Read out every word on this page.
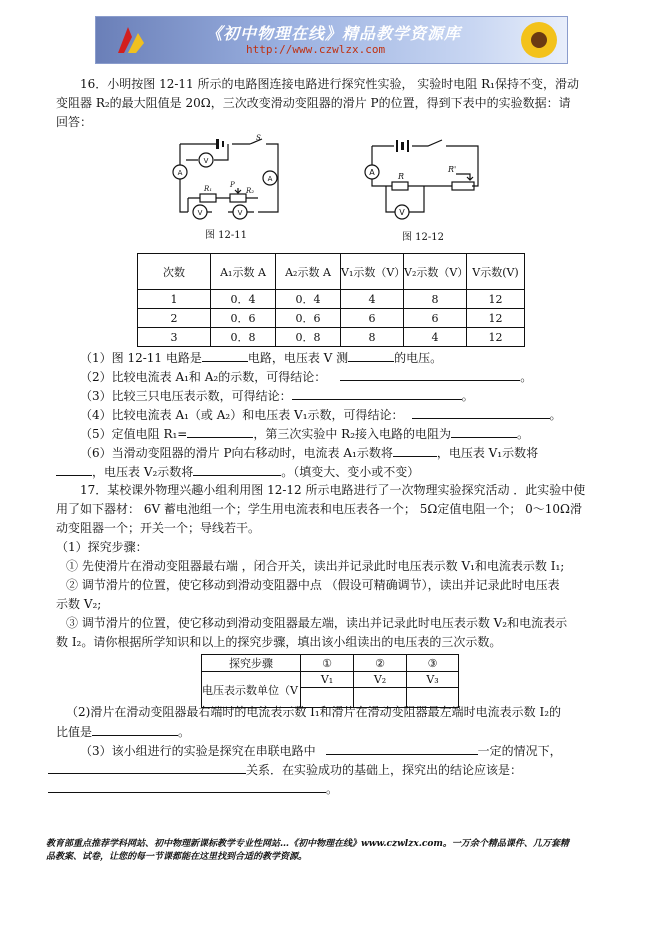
《初中物理在线》精品教学资源库
http://www.czwlzx.com
16．小明按图 12-11 所示的电路图连接电路进行探究性实验， 实验时电阻 R₁保持不变，滑动
变阻器 R₂的最大阻值是 20Ω，三次改变滑动变阻器的滑片 P的位置，得到下表中的实验数据：请
回答：
V
A
A
V	V
S
R₁	P
R₂
图 12-11
A
V
R
R'
图 12-12
次数	A₁示数 A	A₂示数 A	V₁示数（V）	V₂示数（V）	V示数(V)
1	0．4	0．4	4	8	12
2	0．6	0．6	6	6	12
3	0．8	0．8	8	4	12
（1）图 12-11 电路是	电路，电压表 V 测	的电压。
（2）比较电流表 A₁和 A₂的示数，可得结论：	。
（3）比较三只电压表示数，可得结论：	。
（4）比较电流表 A₁（或 A₂）和电压表 V₁示数，可得结论：	。
（5）定值电阻 R₁=	，第三次实验中 R₂接入电路的电阻为	。
（6）当滑动变阻器的滑片 P向右移动时，电流表 A₁示数将	，电压表 V₁示数将
，电压表 V₂示数将	。（填变大、变小或不变）
17．某校课外物理兴趣小组利用图 12-12 所示电路进行了一次物理实验探究活动 ．此实验中使
用了如下器材： 6V 蓄电池组一个；学生用电流表和电压表各一个； 5Ω定值电阻一个； 0～10Ω滑
动变阻器一个；开关一个；导线若干。
（1）探究步骤：
① 先使滑片在滑动变阻器最右端 ，闭合开关，读出并记录此时电压表示数 V₁和电流表示数 I₁;
② 调节滑片的位置，使它移动到滑动变阻器中点 （假设可精确调节），读出并记录此时电压表
示数 V₂;
③ 调节滑片的位置，使它移动到滑动变阻器最左端，读出并记录此时电压表示数 V₂和电流表示
数 I₂。请你根据所学知识和以上的探究步骤，填出该小组读出的电压表的三次示数。
探究步骤	①	②	③
电压表示数单位（V	V₁	V₂	V₃

（2)滑片在滑动变阻器最右端时的电流表示数 I₁和滑片在滑动变阻器最左端时电流表示数 I₂的
比值是	。
（3）该小组进行的实验是探究在串联电路中	一定的情况下，
关系．在实验成功的基础上，探究出的结论应该是：
。
教育部重点推荐学科网站、初中物理新课标教学专业性网站…《初中物理在线》www.czwlzx.com。一万余个精品课件、几万套精
品教案、试卷，让您的每一节课都能在这里找到合适的教学资源。
